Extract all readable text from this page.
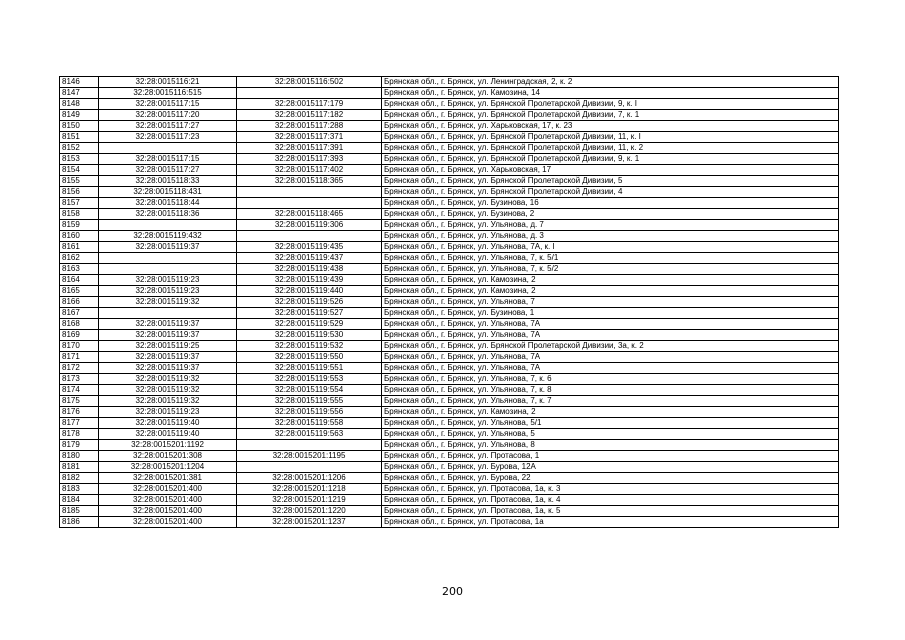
8146	32:28:0015116:21	32:28:0015116:502	Брянская обл., г. Брянск, ул. Ленинградская, 2, к. 2
8147	32:28:0015116:515		Брянская обл., г. Брянск, ул. Камозина, 14
8148	32:28:0015117:15	32:28:0015117:179	Брянская обл., г. Брянск, ул. Брянской Пролетарской Дивизии, 9, к. I
8149	32:28:0015117:20	32:28:0015117:182	Брянская обл., г. Брянск, ул. Брянской Пролетарской Дивизии, 7, к. 1
8150	32:28:0015117:27	32:28:0015117:288	Брянская обл., г. Брянск, ул. Харьковская, 17, к. 23
8151	32:28:0015117:23	32:28:0015117:371	Брянская обл., г. Брянск, ул. Брянской Пролетарской Дивизии, 11, к. I
8152		32:28:0015117:391	Брянская обл., г. Брянск, ул. Брянской Пролетарской Дивизии, 11, к. 2
8153	32:28:0015117:15	32:28:0015117:393	Брянская обл., г. Брянск, ул. Брянской Пролетарской Дивизии, 9, к. 1
8154	32:28:0015117:27	32:28:0015117:402	Брянская обл., г. Брянск, ул. Харьковская, 17
8155	32:28:0015118:33	32:28:0015118:365	Брянская обл., г. Брянск, ул. Брянской Пролетарской Дивизии, 5
8156	32:28:0015118:431		Брянская обл., г. Брянск, ул. Брянской Пролетарской Дивизии, 4
8157	32:28:0015118:44		Брянская обл., г. Брянск, ул. Бузинова, 16
8158	32:28:0015118:36	32:28:0015118:465	Брянская обл., г. Брянск, ул. Бузинова, 2
8159		32:28:0015119:306	Брянская обл., г. Брянск, ул. Ульянова, д. 7
8160	32:28:0015119:432		Брянская обл., г. Брянск, ул. Ульянова, д. 3
8161	32:28:0015119:37	32:28:0015119:435	Брянская обл., г. Брянск, ул. Ульянова, 7А, к. I
8162		32:28:0015119:437	Брянская обл., г. Брянск, ул. Ульянова, 7, к. 5/1
8163		32:28:0015119:438	Брянская обл., г. Брянск, ул. Ульянова, 7, к. 5/2
8164	32:28:0015119:23	32:28:0015119:439	Брянская обл., г. Брянск, ул. Камозина, 2
8165	32:28:0015119:23	32:28:0015119:440	Брянская обл., г. Брянск, ул. Камозина, 2
8166	32:28:0015119:32	32:28:0015119:526	Брянская обл., г. Брянск, ул. Ульянова, 7
8167		32:28:0015119:527	Брянская обл., г. Брянск, ул. Бузинова, 1
8168	32:28:0015119:37	32:28:0015119:529	Брянская обл., г. Брянск, ул. Ульянова, 7А
8169	32:28:0015119:37	32:28:0015119:530	Брянская обл., г. Брянск, ул. Ульянова, 7А
8170	32:28:0015119:25	32:28:0015119:532	Брянская обл., г. Брянск, ул. Брянской Пролетарской Дивизии, 3а, к. 2
8171	32:28:0015119:37	32:28:0015119:550	Брянская обл., г. Брянск, ул. Ульянова, 7А
8172	32:28:0015119:37	32:28:0015119:551	Брянская обл., г. Брянск, ул. Ульянова, 7А
8173	32:28:0015119:32	32:28:0015119:553	Брянская обл., г. Брянск, ул. Ульянова, 7, к. 6
8174	32:28:0015119:32	32:28:0015119:554	Брянская обл., г. Брянск, ул. Ульянова, 7, к. 8
8175	32:28:0015119:32	32:28:0015119:555	Брянская обл., г. Брянск, ул. Ульянова, 7, к. 7
8176	32:28:0015119:23	32:28:0015119:556	Брянская обл., г. Брянск, ул. Камозина, 2
8177	32:28:0015119:40	32:28:0015119:558	Брянская обл., г. Брянск, ул. Ульянова, 5/1
8178	32:28:0015119:40	32:28:0015119:563	Брянская обл., г. Брянск, ул. Ульянова, 5
8179	32:28:0015201:1192		Брянская обл., г. Брянск, ул. Ульянова, 8
8180	32:28:0015201:308	32:28:0015201:1195	Брянская обл., г. Брянск, ул. Протасова, 1
8181	32:28:0015201:1204		Брянская обл., г. Брянск, ул. Бурова, 12А
8182	32:28:0015201:381	32:28:0015201:1206	Брянская обл., г. Брянск, ул. Бурова, 22
8183	32:28:0015201:400	32:28:0015201:1218	Брянская обл., г. Брянск, ул. Протасова, 1а, к. 3
8184	32:28:0015201:400	32:28:0015201:1219	Брянская обл., г. Брянск, ул. Протасова, 1а, к. 4
8185	32:28:0015201:400	32:28:0015201:1220	Брянская обл., г. Брянск, ул. Протасова, 1а, к. 5
8186	32:28:0015201:400	32:28:0015201:1237	Брянская обл., г. Брянск, ул. Протасова, 1а
200
